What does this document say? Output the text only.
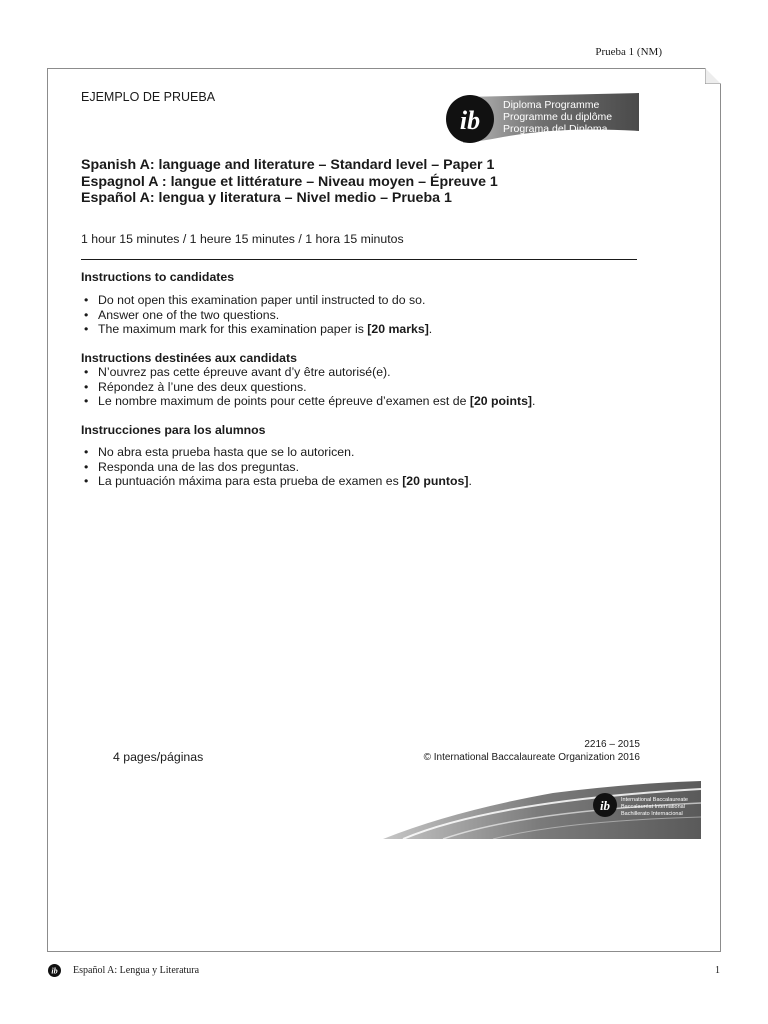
Prueba 1 (NM)
EJEMPLO DE PRUEBA
ib
Diploma Programme
Programme du diplôme
Programa del Diploma
Spanish A: language and literature – Standard level – Paper 1
Espagnol A : langue et littérature – Niveau moyen – Épreuve 1
Español A: lengua y literatura – Nivel medio – Prueba 1
1 hour 15 minutes / 1 heure 15 minutes / 1 hora 15 minutos
Instructions to candidates
• Do not open this examination paper until instructed to do so.
• Answer one of the two questions.
• The maximum mark for this examination paper is [20 marks].
Instructions destinées aux candidats
• N’ouvrez pas cette épreuve avant d’y être autorisé(e).
• Répondez à l’une des deux questions.
• Le nombre maximum de points pour cette épreuve d’examen est de [20 points].
Instrucciones para los alumnos
• No abra esta prueba hasta que se lo autoricen.
• Responda una de las dos preguntas.
• La puntuación máxima para esta prueba de examen es [20 puntos].
4 pages/páginas
2216 – 2015
© International Baccalaureate Organization 2016
ib International Baccalaureate
Baccalauréat International
Bachillerato Internacional
ib Español A: Lengua y Literatura	1
